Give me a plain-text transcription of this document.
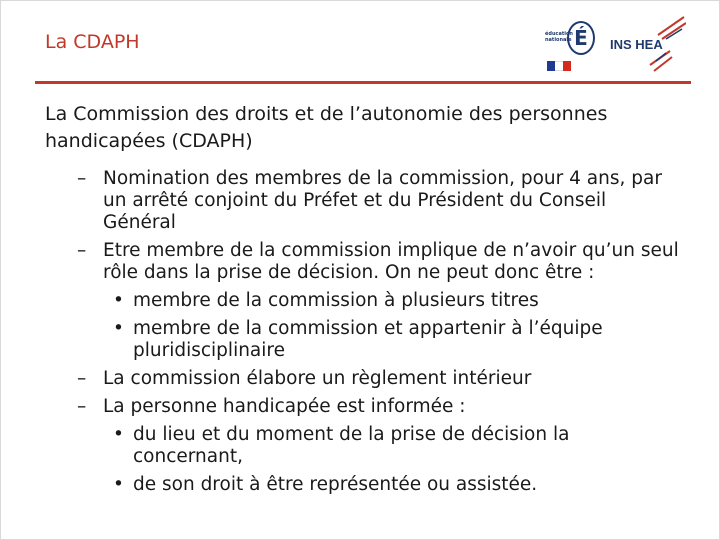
La CDAPH	éducation nationale É	INS HEA
La Commission des droits et de l’autonomie des personnes handicapées (CDAPH)
– Nomination des membres de la commission, pour 4 ans, par un arrêté conjoint du Préfet et du Président du Conseil Général
– Etre membre de la commission implique de n’avoir qu’un seul rôle dans la prise de décision. On ne peut donc être :
• membre de la commission à plusieurs titres
• membre de la commission et appartenir à l’équipe pluridisciplinaire
– La commission élabore un règlement intérieur
– La personne handicapée est informée :
• du lieu et du moment de la prise de décision la concernant,
• de son droit à être représentée ou assistée.
